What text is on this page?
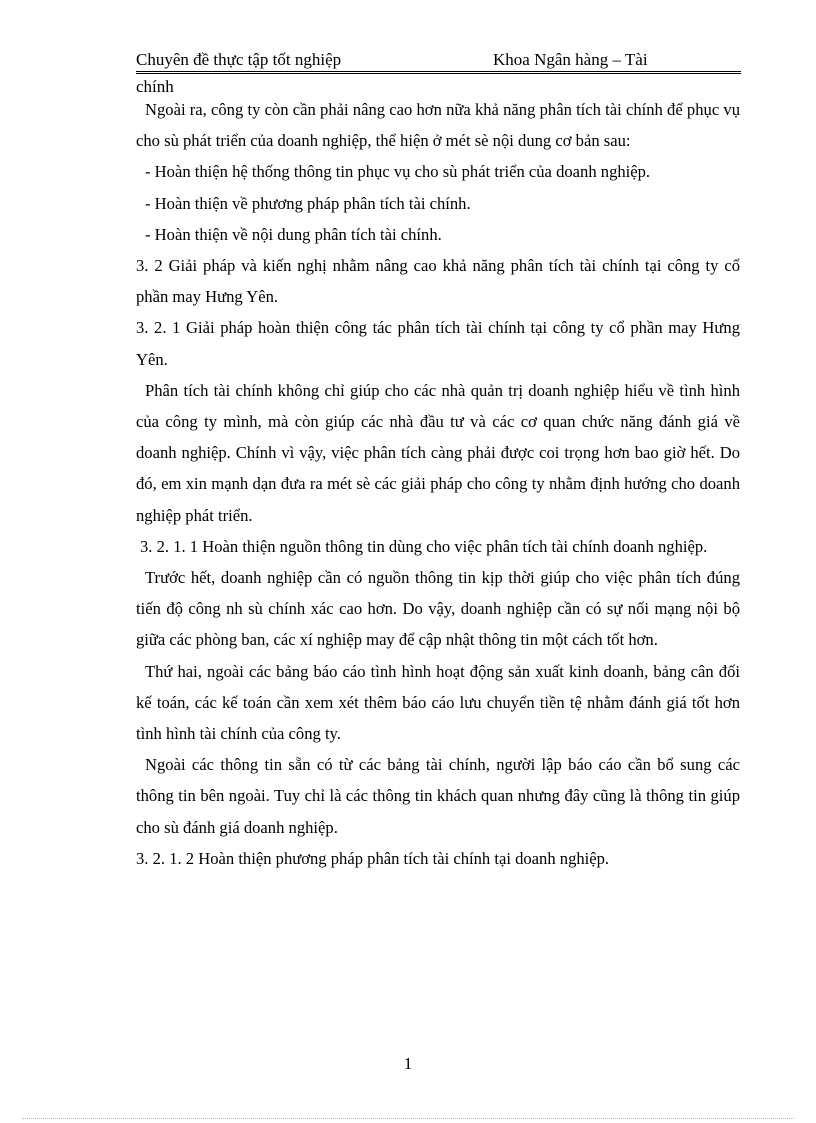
Chuyên đề thực tập tốt nghiệp	Khoa Ngân hàng – Tài
chính

Ngoài ra, công ty còn cần phải nâng cao hơn nữa khả năng phân tích tài chính để phục vụ cho sù phát triển của doanh nghiệp, thể hiện ở mét sè nội dung cơ bản sau:

- Hoàn thiện hệ thống thông tin phục vụ cho sù phát triển của doanh nghiệp.

- Hoàn thiện về phương pháp phân tích tài chính.

- Hoàn thiện về nội dung phân tích tài chính.

3. 2 Giải pháp và kiến nghị nhằm nâng cao khả năng phân tích tài chính tại công ty cổ phần may Hưng Yên.

3. 2. 1 Giải pháp hoàn thiện công tác phân tích tài chính tại công ty cổ phần may Hưng Yên.

Phân tích tài chính không chỉ giúp cho các nhà quản trị doanh nghiệp hiểu về tình hình của công ty mình, mà còn giúp các nhà đầu tư và các cơ quan chức năng đánh giá về doanh nghiệp. Chính vì vậy, việc phân tích càng phải được coi trọng hơn bao giờ hết. Do đó, em xin mạnh dạn đưa ra mét sè các giải pháp cho công ty nhằm định hướng cho doanh nghiệp phát triển.

3. 2. 1. 1 Hoàn thiện nguồn thông tin dùng cho việc phân tích tài chính doanh nghiệp.

Trước hết, doanh nghiệp cần có nguồn thông tin kịp thời giúp cho việc phân tích đúng tiến độ công nh sù chính xác cao hơn. Do vậy, doanh nghiệp cần có sự nối mạng nội bộ giữa các phòng ban, các xí nghiệp may để cập nhật thông tin một cách tốt hơn.

Thứ hai, ngoài các bảng báo cáo tình hình hoạt động sản xuất kinh doanh, bảng cân đối kế toán, các kế toán cần xem xét thêm báo cáo lưu chuyển tiền tệ nhằm đánh giá tốt hơn tình hình tài chính của công ty.

Ngoài các thông tin sẵn có từ các bảng tài chính, người lập báo cáo cần bổ sung các thông tin bên ngoài. Tuy chỉ là các thông tin khách quan nhưng đây cũng là thông tin giúp cho sù đánh giá doanh nghiệp.

3. 2. 1. 2 Hoàn thiện phương pháp phân tích tài chính tại doanh nghiệp.

1
